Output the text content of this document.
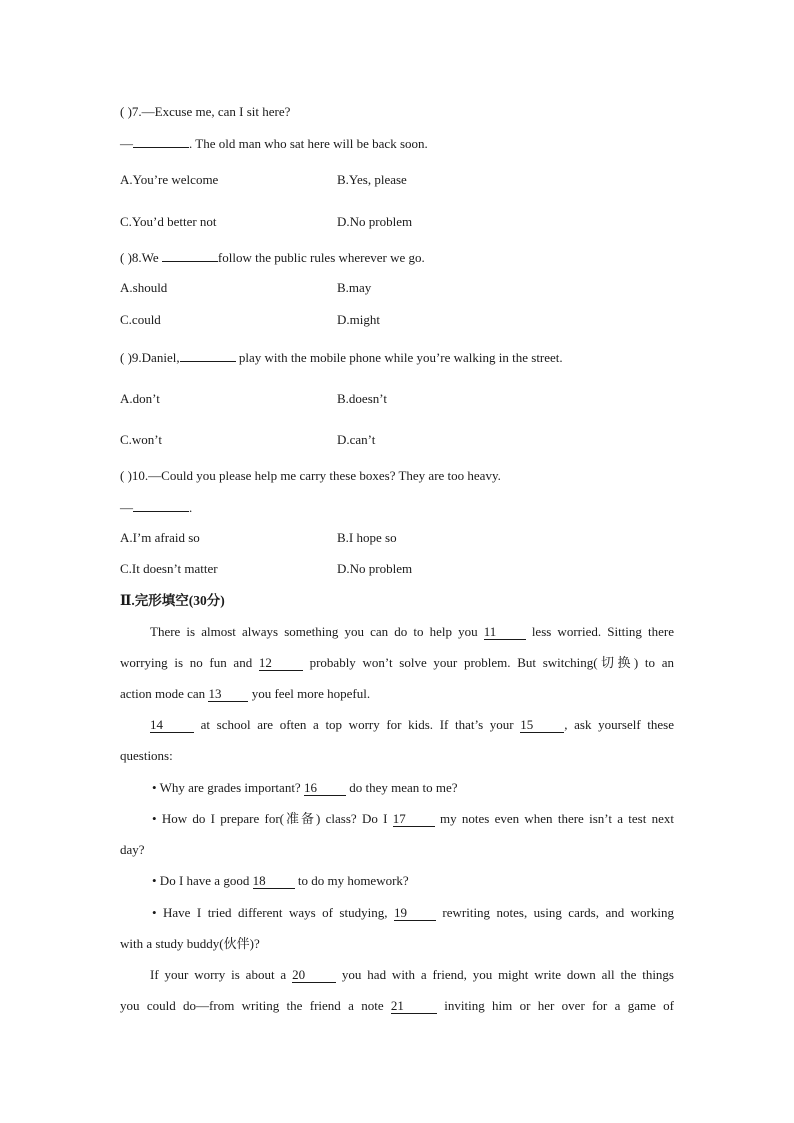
( )7.—Excuse me, can I sit here?
—	. The old man who sat here will be back soon.
A.You’re welcome	B.Yes, please
C.You’d better not	D.No problem
( )8.We	follow the public rules wherever we go.
A.should	B.may
C.could	D.might
( )9.Daniel,	play with the mobile phone while you’re walking in the street.
A.don’t	B.doesn’t
C.won’t	D.can’t
( )10.—Could you please help me carry these boxes? They are too heavy.
—	.
A.I’m afraid so	B.I hope so
C.It doesn’t matter	D.No problem
Ⅱ.完形填空(30分)
There is almost always something you can do to help you 11 less worried. Sitting there
worrying is no fun and 12 probably won’t solve your problem. But switching(切换) to an
action mode can 13 you feel more hopeful.
14 at school are often a top worry for kids. If that’s your 15 , ask yourself these
questions:
• Why are grades important? 16 do they mean to me?
• How do I prepare for(准备) class? Do I 17 my notes even when there isn’t a test next
day?
• Do I have a good 18 to do my homework?
• Have I tried different ways of studying, 19 rewriting notes, using cards, and working
with a study buddy(伙伴)?
If your worry is about a 20 you had with a friend, you might write down all the things
you could do—from writing the friend a note 21	inviting him or her over for a game of
